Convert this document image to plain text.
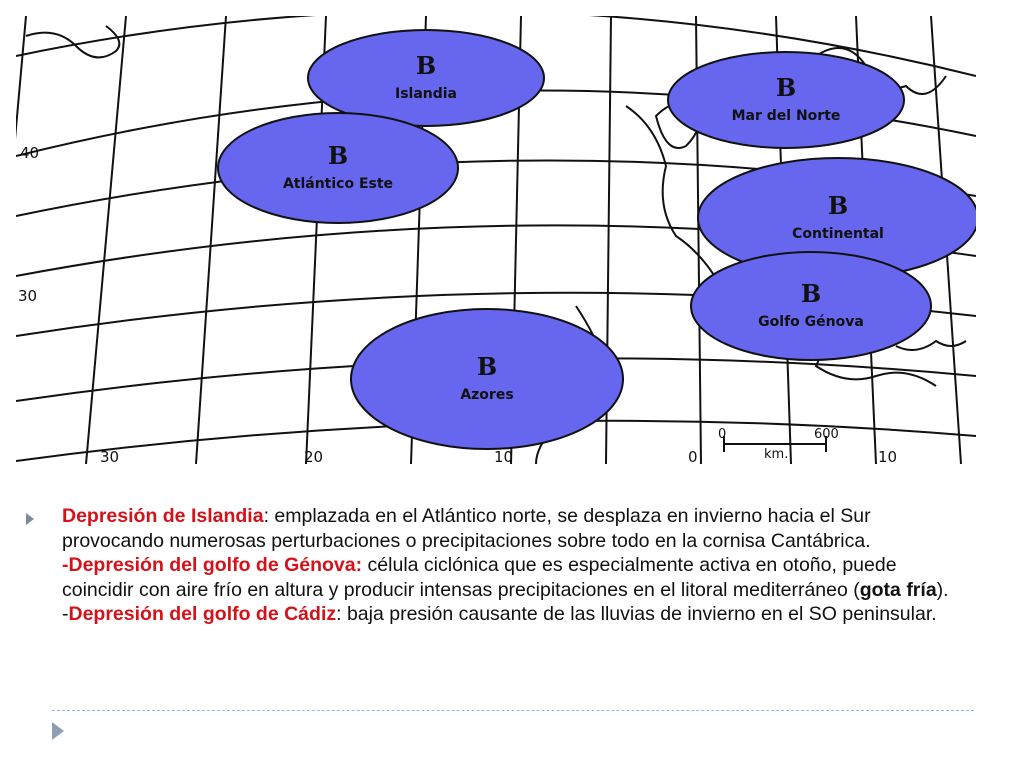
B
Islandia	B
Mar del Norte
B
Atlántico Este
B
Continental
B
Golfo Génova
B
Azores
40
30
30	20	10	0	10
0	600
km.
Depresión de Islandia: emplazada en el Atlántico norte, se desplaza en invierno hacia el Sur provocando numerosas perturbaciones o precipitaciones sobre todo en la cornisa Cantábrica.
-Depresión del golfo de Génova: célula ciclónica que es especialmente activa en otoño, puede coincidir con aire frío en altura y producir intensas precipitaciones en el litoral mediterráneo (gota fría).
-Depresión del golfo de Cádiz: baja presión causante de las lluvias de invierno en el SO peninsular.
